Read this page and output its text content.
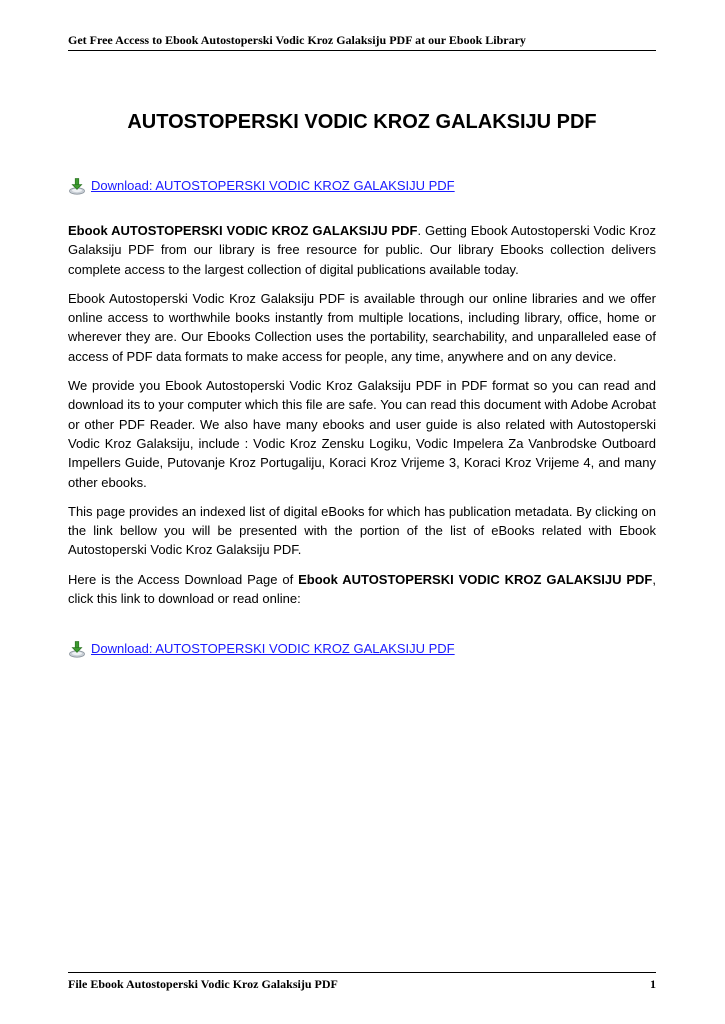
Get Free Access to Ebook Autostoperski Vodic Kroz Galaksiju PDF at our Ebook Library
AUTOSTOPERSKI VODIC KROZ GALAKSIJU PDF
Download: AUTOSTOPERSKI VODIC KROZ GALAKSIJU PDF

Ebook AUTOSTOPERSKI VODIC KROZ GALAKSIJU PDF. Getting Ebook Autostoperski Vodic Kroz Galaksiju PDF from our library is free resource for public. Our library Ebooks collection delivers complete access to the largest collection of digital publications available today.

Ebook Autostoperski Vodic Kroz Galaksiju PDF is available through our online libraries and we offer online access to worthwhile books instantly from multiple locations, including library, office, home or wherever they are. Our Ebooks Collection uses the portability, searchability, and unparalleled ease of access of PDF data formats to make access for people, any time, anywhere and on any device.

We provide you Ebook Autostoperski Vodic Kroz Galaksiju PDF in PDF format so you can read and download its to your computer which this file are safe. You can read this document with Adobe Acrobat or other PDF Reader. We also have many ebooks and user guide is also related with Autostoperski Vodic Kroz Galaksiju, include : Vodic Kroz Zensku Logiku, Vodic Impelera Za Vanbrodske Outboard Impellers Guide, Putovanje Kroz Portugaliju, Koraci Kroz Vrijeme 3, Koraci Kroz Vrijeme 4, and many other ebooks.

This page provides an indexed list of digital eBooks for which has publication metadata. By clicking on the link bellow you will be presented with the portion of the list of eBooks related with Ebook Autostoperski Vodic Kroz Galaksiju PDF.

Here is the Access Download Page of Ebook AUTOSTOPERSKI VODIC KROZ GALAKSIJU PDF, click this link to download or read online:

Download: AUTOSTOPERSKI VODIC KROZ GALAKSIJU PDF
File Ebook Autostoperski Vodic Kroz Galaksiju PDF	1
